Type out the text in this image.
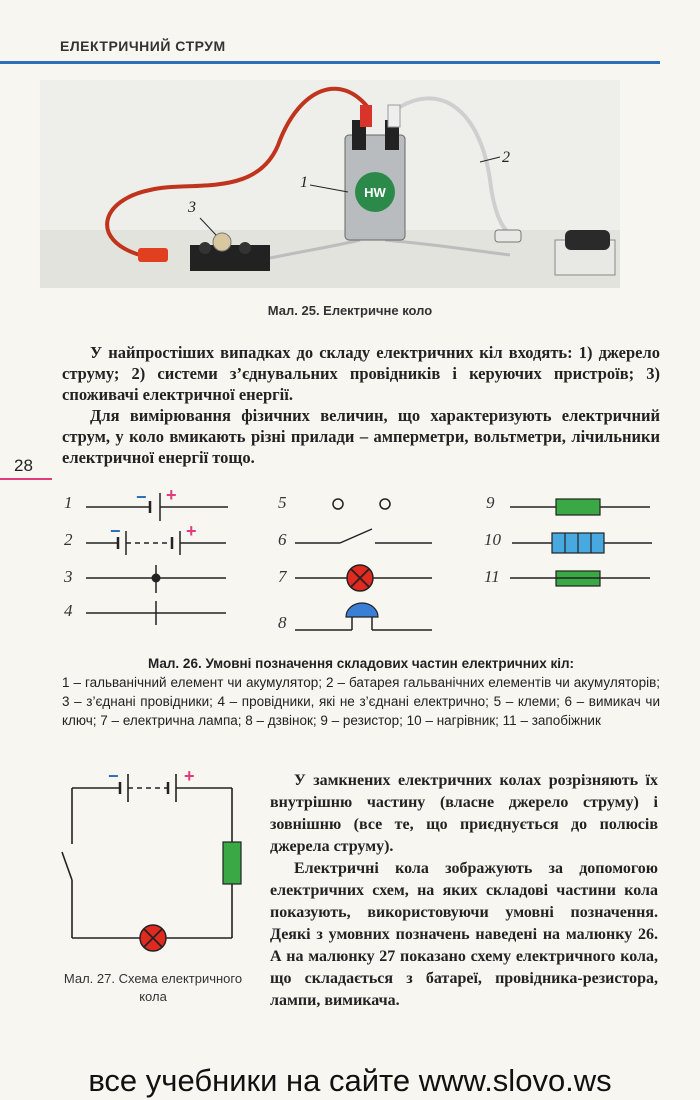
ЕЛЕКТРИЧНИЙ СТРУМ
HW
1
2
3
Мал. 25. Електричне коло

У найпростіших випадках до складу електричних кіл входять: 1) джерело струму; 2) системи з’єднувальних провідників і керуючих пристроїв; 3) споживачі електричної енергії.

Для вимірювання фізичних величин, що характеризують електричний струм, у коло вмикають різні прилади – амперметри, вольтметри, лічильники електричної енергії тощо.

28
1	− +
2 −	+
3
4
5
6
7
8
9
10
11
Мал. 26. Умовні позначення складових частин електричних кіл:
1 – гальванічний елемент чи акумулятор; 2 – батарея гальванічних елементів чи акумуляторів; 3 – з’єднані провідники; 4 – провідники, які не з’єднані електрично; 5 – клеми; 6 – вимикач чи ключ; 7 – електрична лампа; 8 – дзвінок; 9 – резистор; 10 – нагрівник; 11 – запобіжник
−	+
Мал. 27. Схема електричного кола

У замкнених електричних колах розрізняють їх внутрішню частину (власне джерело струму) і зовнішню (все те, що приєднується до полюсів джерела струму).

Електричні кола зображують за допомогою електричних схем, на яких складові частини кола показують, використовуючи умовні позначення. Деякі з умовних позначень наведені на малюнку 26. А на малюнку 27 показано схему електричного кола, що складається з батареї, провідника-резистора, лампи, вимикача.

все учебники на сайте www.slovo.ws
